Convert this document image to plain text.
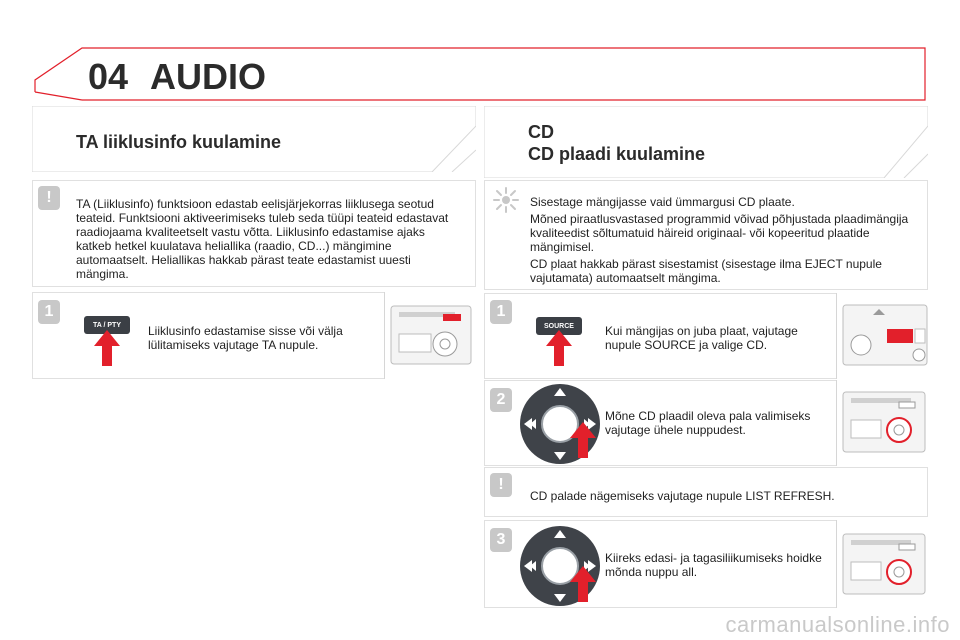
04 AUDIO
TA liiklusinfo kuulamine
!	TA (Liiklusinfo) funktsioon edastab eelisjärjekorras liiklusega seotud teateid. Funktsiooni aktiveerimiseks tuleb seda tüüpi teateid edastavat raadiojaama kvaliteetselt vastu võtta. Liiklusinfo edastamise ajaks katkeb hetkel kuulatava heliallika (raadio, CD...) mängimine automaatselt. Heliallikas hakkab pärast teate edastamist uuesti mängima.
1
TA / PTY	Liiklusinfo edastamise sisse või välja lülitamiseks vajutage TA nupule.
CD
CD plaadi kuulamine

Sisestage mängijasse vaid ümmargusi CD plaate.

Mõned piraatlusvastased programmid võivad põhjustada plaadimängija kvaliteedist sõltumatuid häireid originaal- või kopeeritud plaatide mängimisel.

CD plaat hakkab pärast sisestamist (sisestage ilma EJECT nupule vajutamata) automaatselt mängima.

1
SOURCE	Kui mängijas on juba plaat, vajutage nupule SOURCE ja valige CD.
2
Mõne CD plaadil oleva pala valimiseks vajutage ühele nuppudest.
!
CD palade nägemiseks vajutage nupule LIST REFRESH.
3
Kiireks edasi- ja tagasiliikumiseks hoidke mõnda nuppu all.
carmanualsonline.info
